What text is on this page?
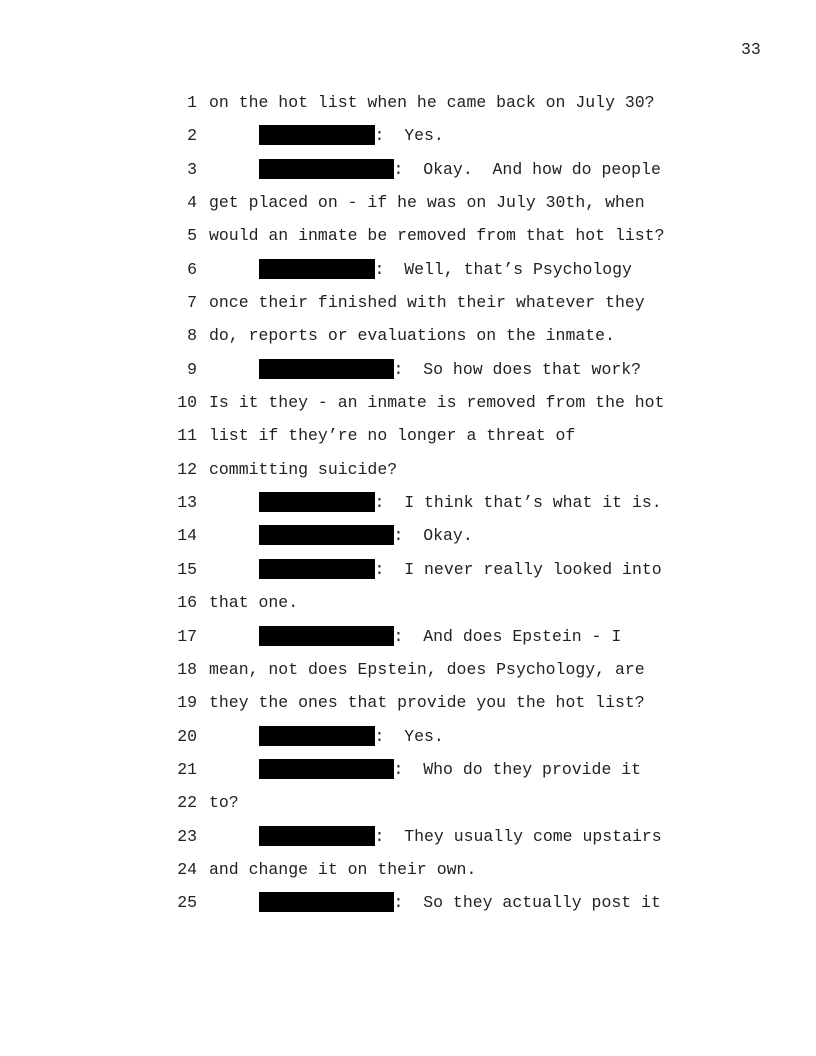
33
1 on the hot list when he came back on July 30?
2	:  Yes.
3	:  Okay.  And how do people
4 get placed on - if he was on July 30th, when
5 would an inmate be removed from that hot list?
6	:  Well, that’s Psychology
7 once their finished with their whatever they
8 do, reports or evaluations on the inmate.
9	:  So how does that work?
10 Is it they - an inmate is removed from the hot
11 list if they’re no longer a threat of
12 committing suicide?
13	:  I think that’s what it is.
14	:  Okay.
15	:  I never really looked into
16 that one.
17	:  And does Epstein - I
18 mean, not does Epstein, does Psychology, are
19 they the ones that provide you the hot list?
20	:  Yes.
21	:  Who do they provide it
22 to?
23	:  They usually come upstairs
24 and change it on their own.
25	:  So they actually post it
